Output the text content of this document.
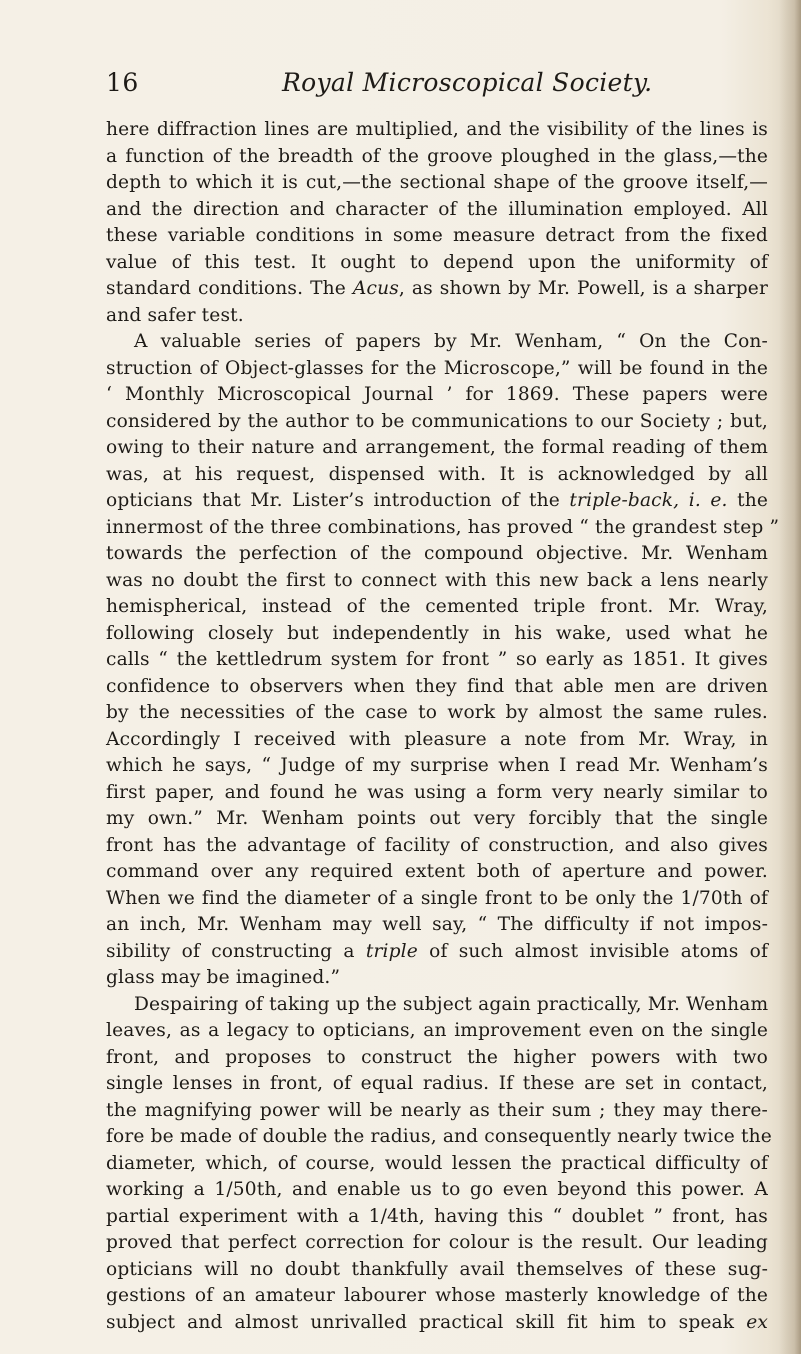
16	Royal Microscopical Society.
here diffraction lines are multiplied, and the visibility of the lines is
a function of the breadth of the groove ploughed in the glass,—the
depth to which it is cut,—the sectional shape of the groove itself,—
and the direction and character of the illumination employed. All
these variable conditions in some measure detract from the fixed
value of this test. It ought to depend upon the uniformity of
standard conditions. The Acus, as shown by Mr. Powell, is a sharper
and safer test.
A valuable series of papers by Mr. Wenham, “ On the Con-
struction of Object-glasses for the Microscope,” will be found in the
‘ Monthly Microscopical Journal ’ for 1869. These papers were
considered by the author to be communications to our Society ; but,
owing to their nature and arrangement, the formal reading of them
was, at his request, dispensed with. It is acknowledged by all
opticians that Mr. Lister’s introduction of the triple-back, i. e. the
innermost of the three combinations, has proved “ the grandest step ”
towards the perfection of the compound objective. Mr. Wenham
was no doubt the first to connect with this new back a lens nearly
hemispherical, instead of the cemented triple front. Mr. Wray,
following closely but independently in his wake, used what he
calls “ the kettledrum system for front ” so early as 1851. It gives
confidence to observers when they find that able men are driven
by the necessities of the case to work by almost the same rules.
Accordingly I received with pleasure a note from Mr. Wray, in
which he says, “ Judge of my surprise when I read Mr. Wenham’s
first paper, and found he was using a form very nearly similar to
my own.” Mr. Wenham points out very forcibly that the single
front has the advantage of facility of construction, and also gives
command over any required extent both of aperture and power.
When we find the diameter of a single front to be only the 1/70th of
an inch, Mr. Wenham may well say, “ The difficulty if not impos-
sibility of constructing a triple of such almost invisible atoms of
glass may be imagined.”
Despairing of taking up the subject again practically, Mr. Wenham
leaves, as a legacy to opticians, an improvement even on the single
front, and proposes to construct the higher powers with two
single lenses in front, of equal radius. If these are set in contact,
the magnifying power will be nearly as their sum ; they may there-
fore be made of double the radius, and consequently nearly twice the
diameter, which, of course, would lessen the practical difficulty of
working a 1/50th, and enable us to go even beyond this power. A
partial experiment with a 1/4th, having this “ doublet ” front, has
proved that perfect correction for colour is the result. Our leading
opticians will no doubt thankfully avail themselves of these sug-
gestions of an amateur labourer whose masterly knowledge of the
subject and almost unrivalled practical skill fit him to speak ex
